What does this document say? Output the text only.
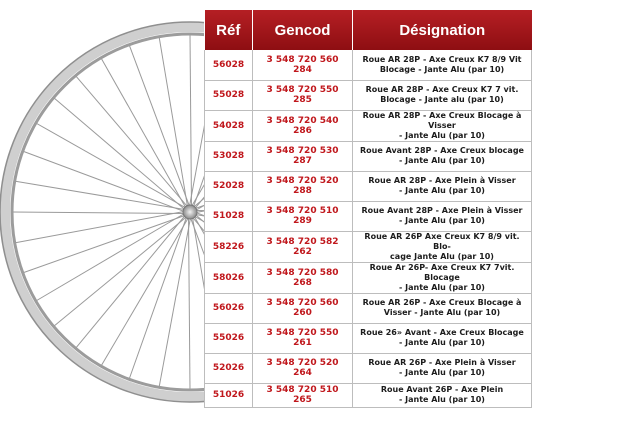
Réf	Gencod	Désignation
56028	3 548 720 560 284	Roue AR 28P - Axe Creux K7 8/9 Vit
Blocage - Jante Alu (par 10)
55028	3 548 720 550 285	Roue AR 28P - Axe Creux K7 7 vit.
Blocage - Jante alu (par 10)
54028	3 548 720 540 286	Roue AR 28P - Axe Creux Blocage à Visser
- Jante Alu (par 10)
53028	3 548 720 530 287	Roue Avant 28P - Axe Creux blocage
- Jante Alu (par 10)
52028	3 548 720 520 288	Roue AR 28P - Axe Plein à Visser
- Jante Alu (par 10)
51028	3 548 720 510 289	Roue Avant 28P - Axe Plein à Visser
- Jante Alu (par 10)
58226	3 548 720 582 262	Roue AR 26P Axe Creux K7 8/9 vit. Blo-
cage Jante Alu (par 10)
58026	3 548 720 580 268	Roue Ar 26P- Axe Creux K7 7vit. Blocage
- Jante Alu (par 10)
56026	3 548 720 560 260	Roue AR 26P - Axe Creux Blocage à
Visser - Jante Alu (par 10)
55026	3 548 720 550 261	Roue 26» Avant - Axe Creux Blocage
- Jante Alu (par 10)
52026	3 548 720 520 264	Roue AR 26P - Axe Plein à Visser
- Jante Alu (par 10)
51026	3 548 720 510 265	Roue Avant 26P - Axe Plein
- Jante Alu (par 10)
